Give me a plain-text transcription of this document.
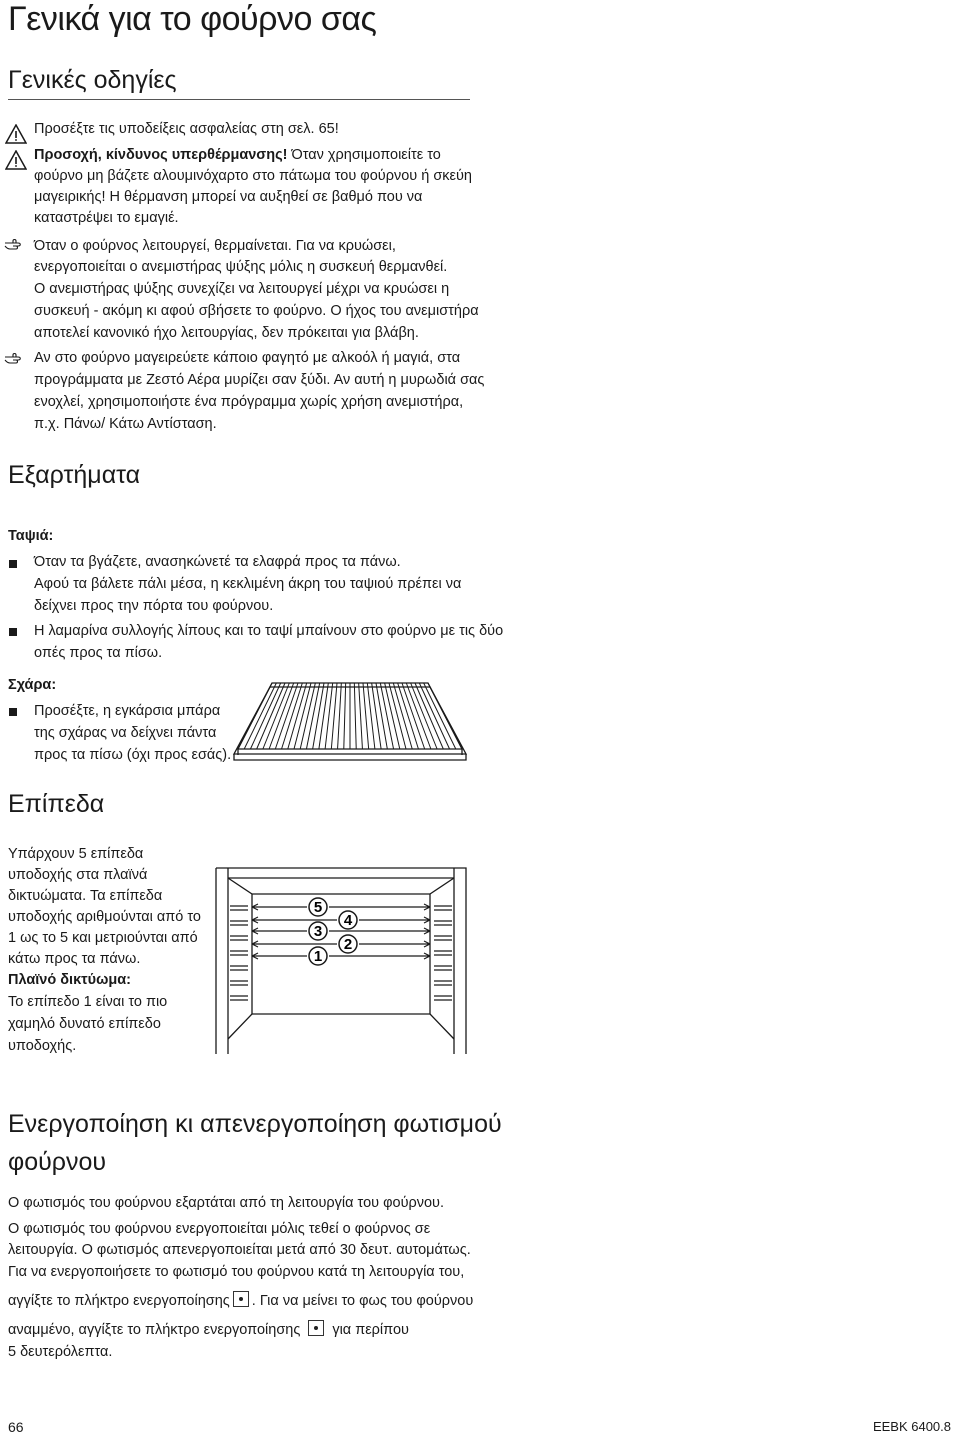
Γενικά για το φούρνο σας
Γενικές οδηγίες

Προσέξτε τις υποδείξεις ασφαλείας στη σελ. 65!

Προσοχή, κίνδυνος υπερθέρμανσης! Όταν χρησιμοποιείτε το

φούρνο μη βάζετε αλουμινόχαρτο στο πάτωμα του φούρνου ή σκεύη

μαγειρικής! Η θέρμανση μπορεί να αυξηθεί σε βαθμό που να

καταστρέψει το εμαγιέ.

Όταν ο φούρνος λειτουργεί, θερμαίνεται. Για να κρυώσει,

ενεργοποιείται ο ανεμιστήρας ψύξης μόλις η συσκευή θερμανθεί.

Ο ανεμιστήρας ψύξης συνεχίζει να λειτουργεί μέχρι να κρυώσει η

συσκευή - ακόμη κι αφού σβήσετε το φούρνο. Ο ήχος του ανεμιστήρα

αποτελεί κανονικό ήχο λειτουργίας, δεν πρόκειται για βλάβη.

Αν στο φούρνο μαγειρεύετε κάποιο φαγητό με αλκοόλ ή μαγιά, στα

προγράμματα με Ζεστό Αέρα μυρίζει σαν ξύδι. Αν αυτή η μυρωδιά σας

ενοχλεί, χρησιμοποιήστε ένα πρόγραμμα χωρίς χρήση ανεμιστήρα,

π.χ. Πάνω/ Κάτω Αντίσταση.

Εξαρτήματα

Ταψιά:

Όταν τα βγάζετε, ανασηκώνετέ τα ελαφρά προς τα πάνω.

Αφού τα βάλετε πάλι μέσα, η κεκλιμένη άκρη του ταψιού πρέπει να

δείχνει προς την πόρτα του φούρνου.

Η λαμαρίνα συλλογής λίπους και το ταψί μπαίνουν στο φούρνο με τις δύο

οπές προς τα πίσω.

Σχάρα:

Προσέξτε, η εγκάρσια μπάρα

της σχάρας να δείχνει πάντα

προς τα πίσω (όχι προς εσάς).

Επίπεδα

Υπάρχουν 5 επίπεδα

υποδοχής στα πλαϊνά

δικτυώματα. Τα επίπεδα

υποδοχής αριθμούνται από το

1 ως το 5 και μετριούνται από

κάτω προς τα πάνω.

Πλαϊνό δικτύωμα:

Το επίπεδο 1 είναι το πιο

χαμηλό δυνατό επίπεδο

υποδοχής.

5
4
3
2
1
Ενεργοποίηση κι απενεργοποίηση φωτισμού
φούρνου

Ο φωτισμός του φούρνου εξαρτάται από τη λειτουργία του φούρνου.

Ο φωτισμός του φούρνου ενεργοποιείται μόλις τεθεί ο φούρνος σε

λειτουργία. Ο φωτισμός απενεργοποιείται μετά από 30 δευτ. αυτομάτως.

Για να ενεργοποιήσετε το φωτισμό του φούρνου κατά τη λειτουργία του,

αγγίξτε το πλήκτρο ενεργοποίησης . Για να μείνει το φως του φούρνου

αναμμένο, αγγίξτε το πλήκτρο ενεργοποίησης για περίπου

5 δευτερόλεπτα.

66	EEBK 6400.8
